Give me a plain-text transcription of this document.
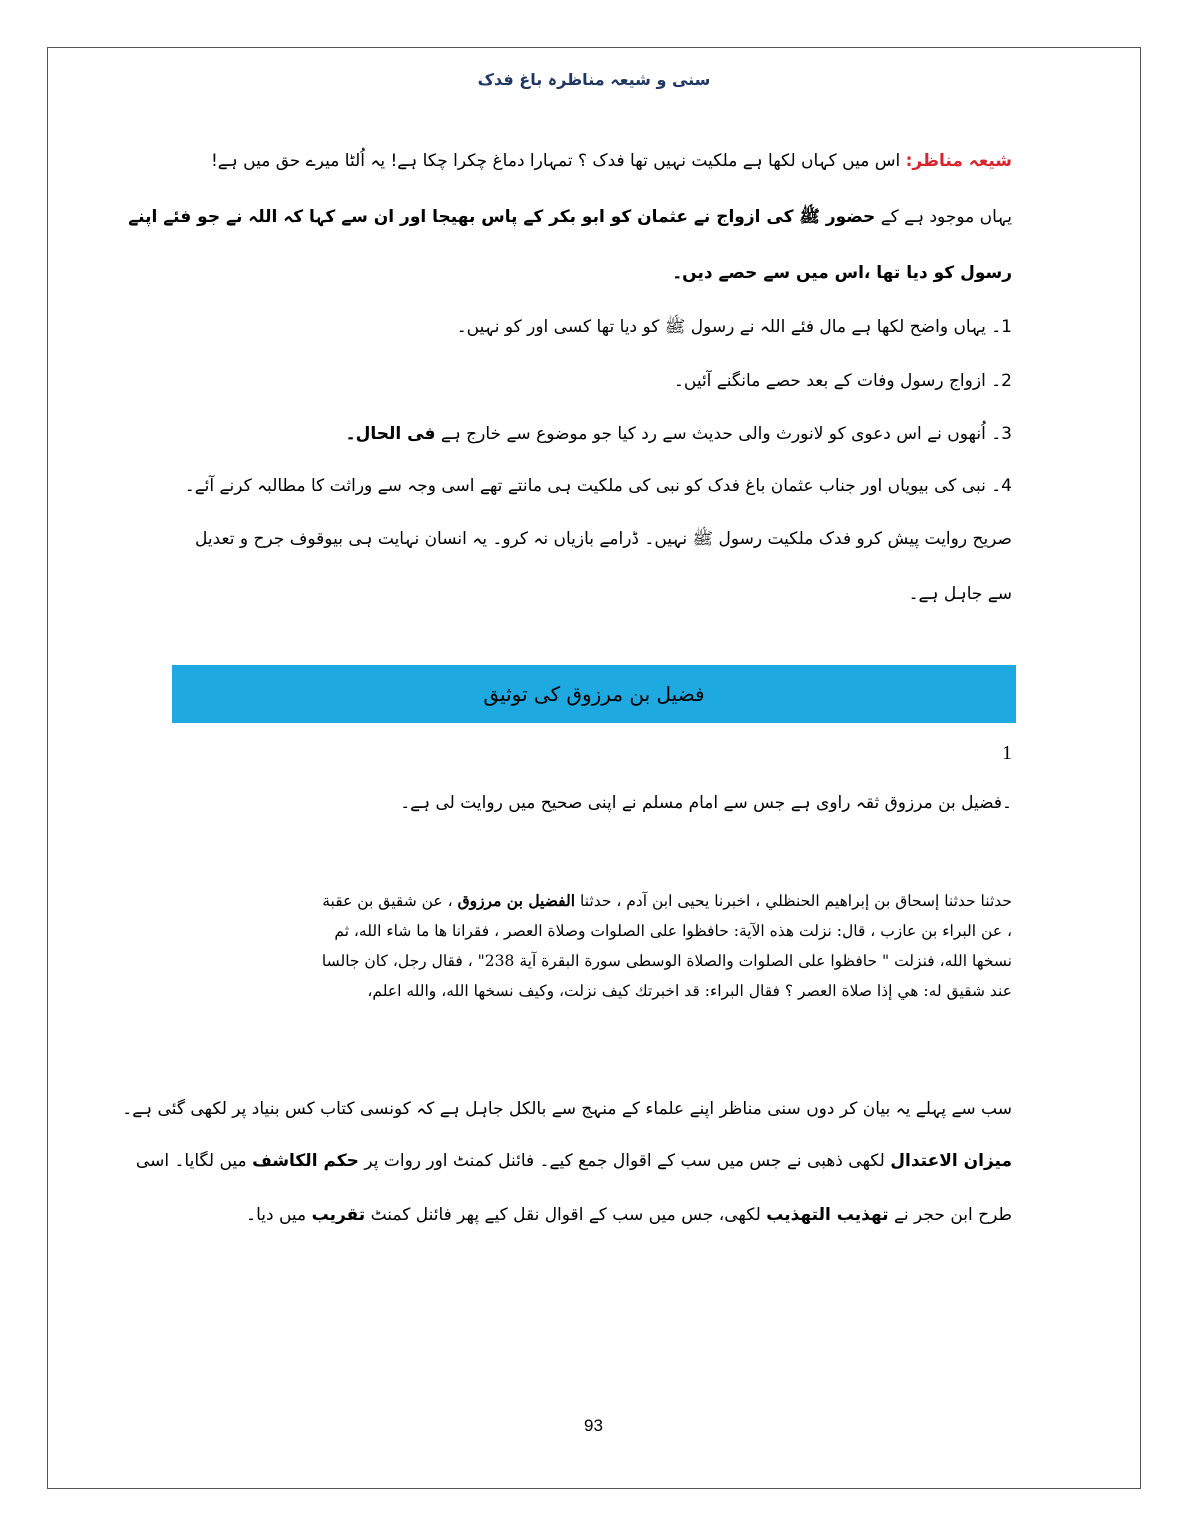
سنی و شیعہ مناظرہ باغ فدک
شیعہ مناظر: اس میں کہاں لکھا ہے ملکیت نہیں تھا فدک ؟ تمہارا دماغ چکرا چکا ہے! یہ اُلٹا میرے حق میں ہے!
یہاں موجود ہے کے حضور ﷺ کی ازواج نے عثمان کو ابو بکر کے پاس بھیجا اور ان سے کہا کہ اللہ نے جو فئے اپنے
رسول کو دیا تھا ،اس میں سے حصے دیں۔
1۔ یہاں واضح لکھا ہے مال فئے اللہ نے رسول ﷺ کو دیا تھا کسی اور کو نہیں۔
2۔ ازواج رسول وفات کے بعد حصے مانگنے آئیں۔
3۔ اُنھوں نے اس دعوی کو لانورث والی حدیث سے رد کیا جو موضوع سے خارج ہے فی الحال۔
4۔ نبی کی بیویاں اور جناب عثمان باغ فدک کو نبی کی ملکیت ہی مانتے تھے اسی وجہ سے وراثت کا مطالبہ کرنے آئے۔
صریح روایت پیش کرو فدک ملکیت رسول ﷺ نہیں۔ ڈرامے بازیاں نہ کرو۔ یہ انسان نہایت ہی بیوقوف جرح و تعدیل
سے جاہل ہے۔
فضیل بن مرزوق کی توثیق
1
۔فضیل بن مرزوق ثقہ راوی ہے جس سے امام مسلم نے اپنی صحیح میں روایت لی ہے۔
حدثنا حدثنا إسحاق بن إبراهيم الحنظلي ، اخبرنا يحيى ابن آدم ، حدثنا الفضيل بن مرزوق ، عن شقيق بن عقبة
، عن البراء بن عازب ، قال: نزلت هذه الآية: حافظوا على الصلوات وصلاة العصر ، فقرانا ها ما شاء الله، ثم
نسخها الله، فنزلت " حافظوا على الصلوات والصلاة الوسطى سورة البقرة آية 238" ، فقال رجل، كان جالسا
عند شقيق له: هي إذا صلاة العصر ؟ فقال البراء: قد اخبرتك كيف نزلت، وكيف نسخها الله، والله اعلم،
سب سے پہلے یہ بیان کر دوں سنی مناظر اپنے علماء کے منہج سے بالکل جاہل ہے کہ کونسی کتاب کس بنیاد پر لکھی گئی ہے۔
میزان الاعتدال لکھی ذھبی نے جس میں سب کے اقوال جمع کیے۔ فائنل کمنٹ اور روات پر حکم الکاشف میں لگایا۔ اسی
طرح ابن حجر نے تھذیب التھذیب لکھی، جس میں سب کے اقوال نقل کیے پھر فائنل کمنٹ تقریب میں دیا۔
93
